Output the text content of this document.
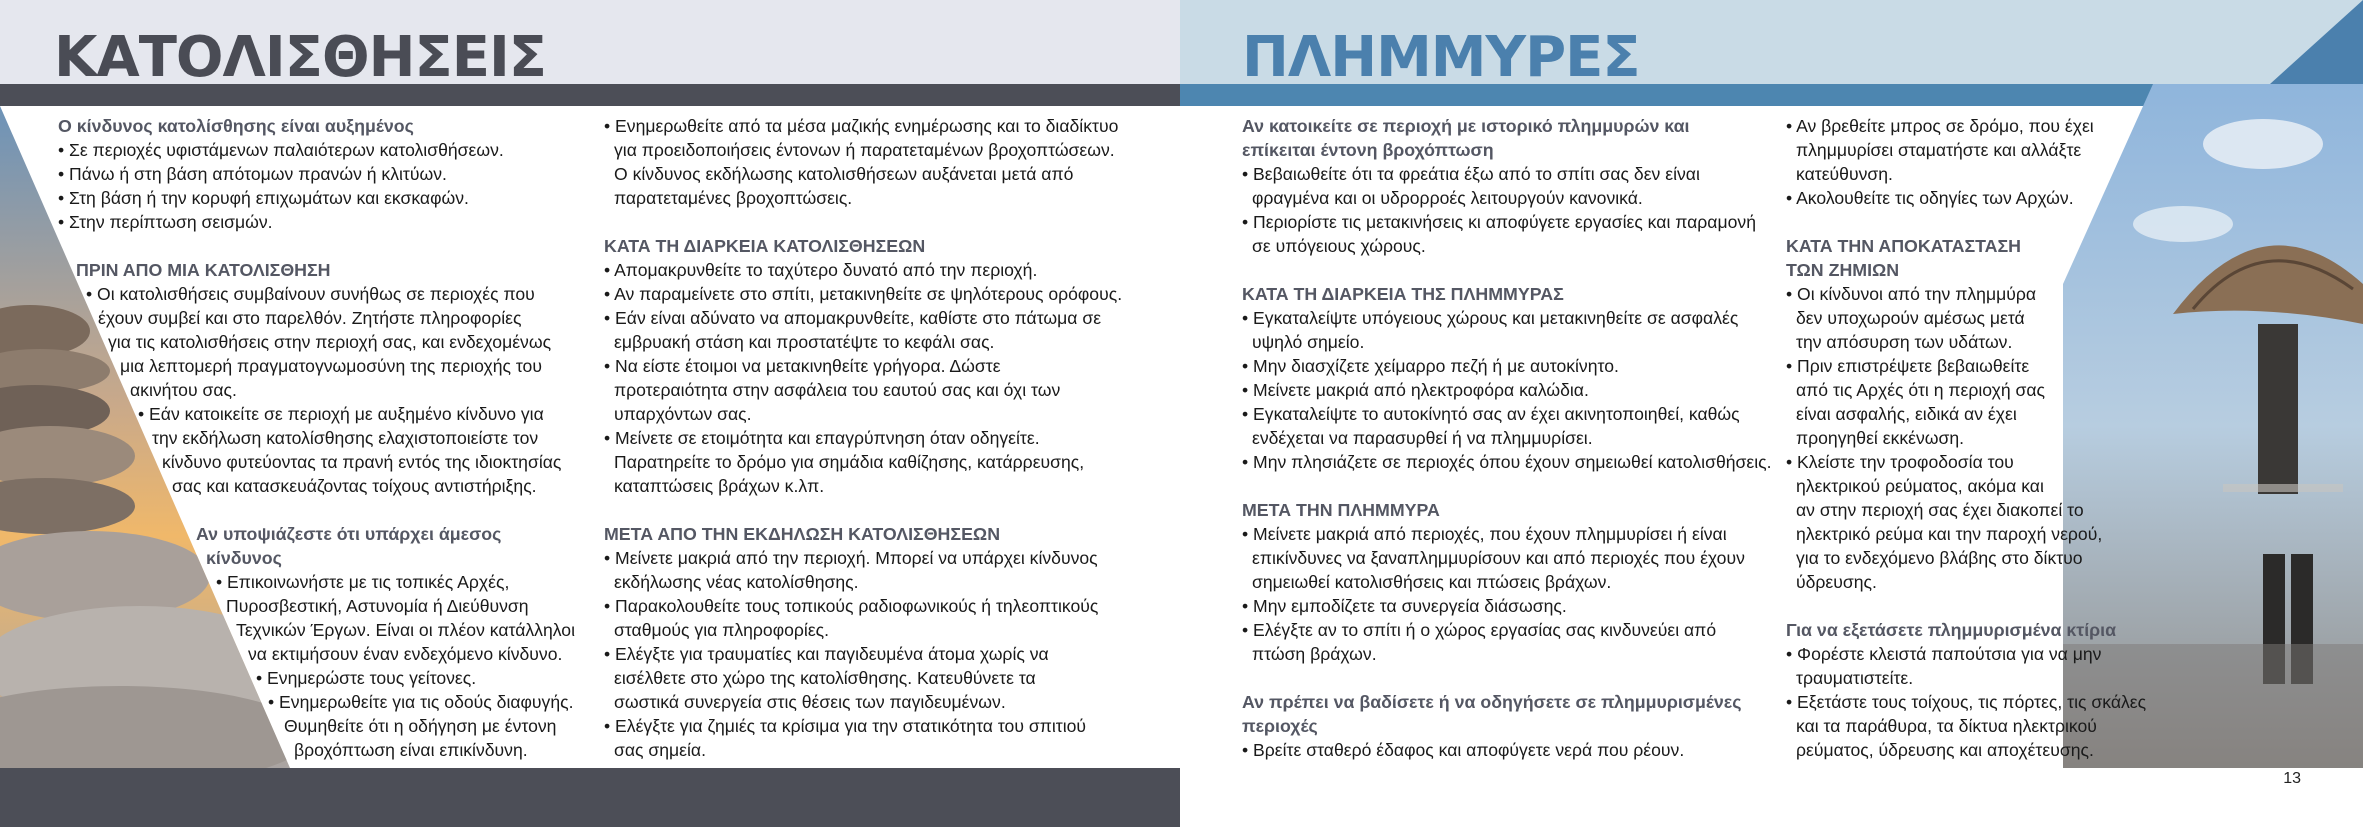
ΚΑΤΟΛΙΣΘΗΣΕΙΣ	ΠΛΗΜΜΥΡΕΣ
13

Ο κίνδυνος κατολίσθησης είναι αυξημένος

• Σε περιοχές υφιστάμενων παλαιότερων κατολισθήσεων.

• Πάνω ή στη βάση απότομων πρανών ή κλιτύων.

• Στη βάση ή την κορυφή επιχωμάτων και εκσκαφών.

• Στην περίπτωση σεισμών.

ΠΡΙΝ ΑΠΟ ΜΙΑ ΚΑΤΟΛΙΣΘΗΣΗ

• Οι κατολισθήσεις συμβαίνουν συνήθως σε περιοχές που

έχουν συμβεί και στο παρελθόν. Ζητήστε πληροφορίες

για τις κατολισθήσεις στην περιοχή σας, και ενδεχομένως

μια λεπτομερή πραγματογνωμοσύνη της περιοχής του

ακινήτου σας.

• Εάν κατοικείτε σε περιοχή με αυξημένο κίνδυνο για

την εκδήλωση κατολίσθησης ελαχιστοποιείστε τον

κίνδυνο φυτεύοντας τα πρανή εντός της ιδιοκτησίας

σας και κατασκευάζοντας τοίχους αντιστήριξης.

Αν υποψιάζεστε ότι υπάρχει άμεσος

κίνδυνος

• Επικοινωνήστε με τις τοπικές Αρχές,

Πυροσβεστική, Αστυνομία ή Διεύθυνση

Τεχνικών Έργων. Είναι οι πλέον κατάλληλοι

να εκτιμήσουν έναν ενδεχόμενο κίνδυνο.

• Ενημερώστε τους γείτονες.

• Ενημερωθείτε για τις οδούς διαφυγής.

Θυμηθείτε ότι η οδήγηση με έντονη

βροχόπτωση είναι επικίνδυνη.

• Ενημερωθείτε από τα μέσα μαζικής ενημέρωσης και το διαδίκτυο

για προειδοποιήσεις έντονων ή παρατεταμένων βροχοπτώσεων.

Ο κίνδυνος εκδήλωσης κατολισθήσεων αυξάνεται μετά από

παρατεταμένες βροχοπτώσεις.

ΚΑΤΑ ΤΗ ΔΙΑΡΚΕΙΑ ΚΑΤΟΛΙΣΘΗΣΕΩΝ

• Απομακρυνθείτε το ταχύτερο δυνατό από την περιοχή.

• Αν παραμείνετε στο σπίτι, μετακινηθείτε σε ψηλότερους ορόφους.

• Εάν είναι αδύνατο να απομακρυνθείτε, καθίστε στο πάτωμα σε

εμβρυακή στάση και προστατέψτε το κεφάλι σας.

• Να είστε έτοιμοι να μετακινηθείτε γρήγορα. Δώστε

προτεραιότητα στην ασφάλεια του εαυτού σας και όχι των

υπαρχόντων σας.

• Μείνετε σε ετοιμότητα και επαγρύπνηση όταν οδηγείτε.

Παρατηρείτε το δρόμο για σημάδια καθίζησης, κατάρρευσης,

καταπτώσεις βράχων κ.λπ.

ΜΕΤΑ ΑΠΟ ΤΗΝ ΕΚΔΗΛΩΣΗ ΚΑΤΟΛΙΣΘΗΣΕΩΝ

• Μείνετε μακριά από την περιοχή. Μπορεί να υπάρχει κίνδυνος

εκδήλωσης νέας κατολίσθησης.

• Παρακολουθείτε τους τοπικούς ραδιοφωνικούς ή τηλεοπτικούς

σταθμούς για πληροφορίες.

• Ελέγξτε για τραυματίες και παγιδευμένα άτομα χωρίς να

εισέλθετε στο χώρο της κατολίσθησης. Κατευθύνετε τα

σωστικά συνεργεία στις θέσεις των παγιδευμένων.

• Ελέγξτε για ζημιές τα κρίσιμα για την στατικότητα του σπιτιού

σας σημεία.

Αν κατοικείτε σε περιοχή με ιστορικό πλημμυρών και

επίκειται έντονη βροχόπτωση

• Βεβαιωθείτε ότι τα φρεάτια έξω από το σπίτι σας δεν είναι

φραγμένα και οι υδρορροές λειτουργούν κανονικά.

• Περιορίστε τις μετακινήσεις κι αποφύγετε εργασίες και παραμονή

σε υπόγειους χώρους.

ΚΑΤΑ ΤΗ ΔΙΑΡΚΕΙΑ ΤΗΣ ΠΛΗΜΜΥΡΑΣ

• Εγκαταλείψτε υπόγειους χώρους και μετακινηθείτε σε ασφαλές

υψηλό σημείο.

• Μην διασχίζετε χείμαρρο πεζή ή με αυτοκίνητο.

• Μείνετε μακριά από ηλεκτροφόρα καλώδια.

• Εγκαταλείψτε το αυτοκίνητό σας αν έχει ακινητοποιηθεί, καθώς

ενδέχεται να παρασυρθεί ή να πλημμυρίσει.

• Μην πλησιάζετε σε περιοχές όπου έχουν σημειωθεί κατολισθήσεις.

ΜΕΤΑ ΤΗΝ ΠΛΗΜΜΥΡΑ

• Μείνετε μακριά από περιοχές, που έχουν πλημμυρίσει ή είναι

επικίνδυνες να ξαναπλημμυρίσουν και από περιοχές που έχουν

σημειωθεί κατολισθήσεις και πτώσεις βράχων.

• Μην εμποδίζετε τα συνεργεία διάσωσης.

• Ελέγξτε αν το σπίτι ή ο χώρος εργασίας σας κινδυνεύει από

πτώση βράχων.

Αν πρέπει να βαδίσετε ή να οδηγήσετε σε πλημμυρισμένες

περιοχές

• Βρείτε σταθερό έδαφος και αποφύγετε νερά που ρέουν.

• Αν βρεθείτε μπρος σε δρόμο, που έχει

πλημμυρίσει σταματήστε και αλλάξτε

κατεύθυνση.

• Ακολουθείτε τις οδηγίες των Αρχών.

ΚΑΤΑ ΤΗΝ ΑΠΟΚΑΤΑΣΤΑΣΗ

ΤΩΝ ΖΗΜΙΩΝ

• Οι κίνδυνοι από την πλημμύρα

δεν υποχωρούν αμέσως μετά

την απόσυρση των υδάτων.

• Πριν επιστρέψετε βεβαιωθείτε

από τις Αρχές ότι η περιοχή σας

είναι ασφαλής, ειδικά αν έχει

προηγηθεί εκκένωση.

• Κλείστε την τροφοδοσία του

ηλεκτρικού ρεύματος, ακόμα και

αν στην περιοχή σας έχει διακοπεί το

ηλεκτρικό ρεύμα και την παροχή νερού,

για το ενδεχόμενο βλάβης στο δίκτυο

ύδρευσης.

Για να εξετάσετε πλημμυρισμένα κτίρια

• Φορέστε κλειστά παπούτσια για να μην

τραυματιστείτε.

• Εξετάστε τους τοίχους, τις πόρτες, τις σκάλες

και τα παράθυρα, τα δίκτυα ηλεκτρικού

ρεύματος, ύδρευσης και αποχέτευσης.
